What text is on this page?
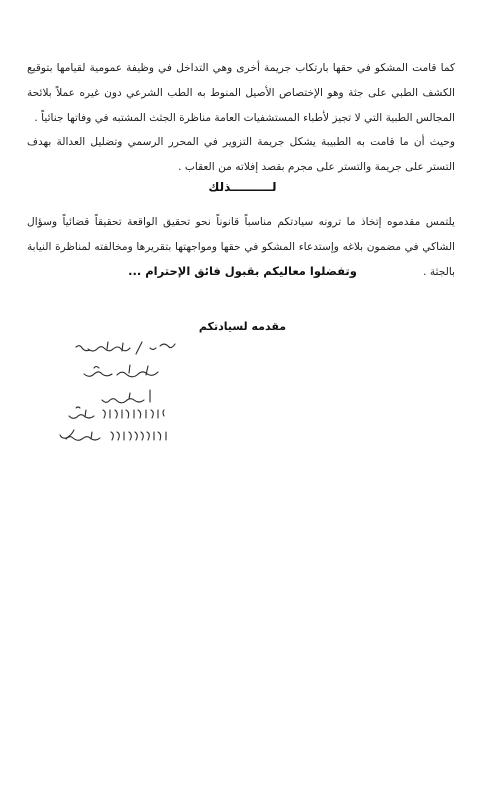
كما قامت المشكو في حقها بارتكاب جريمة أخرى وهي التداخل في وظيفة عمومية لقيامها بتوقيع الكشف الطبي على جثة وهو الإختصاص الأصيل المنوط به الطب الشرعي دون غيره عملاً بلائحة المجالس الطبية التي لا تجيز لأطباء المستشفيات العامة مناظرة الجثث المشتبه في وفاتها جنائياً .

وحيث أن ما قامت به الطبيبة يشكل جريمة التزوير في المحرر الرسمي وتضليل العدالة بهدف التستر على جريمة والتستر على مجرم بقصد إفلاته من العقاب .

لــــــــــذلك

يلتمس مقدموه إتخاذ ما ترونه سيادتكم مناسباً قانوناً نحو تحقيق الواقعة تحقيقاً قضائياً وسؤال الشاكي في مضمون بلاغه وإستدعاء المشكو في حقها ومواجهتها بتقريرها ومخالفته لمناظرة النيابة بالجثة .

وتفضلوا معاليكم بقبول فائق الإحترام ...
مقدمه لسيادتكم
